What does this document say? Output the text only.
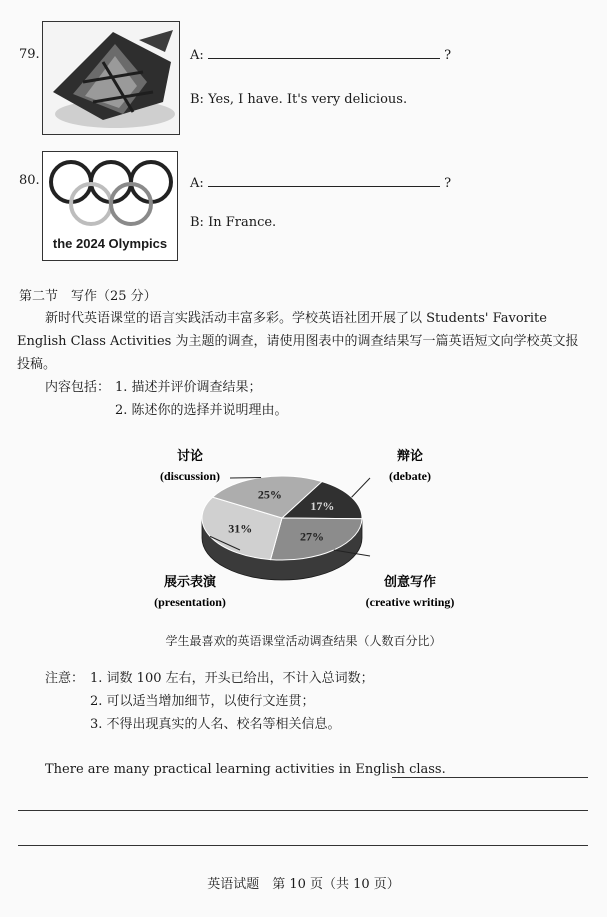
79.	A:	?
B: Yes, I have. It's very delicious.
80.
the 2024 Olympics
A:	?
B: In France.
第二节　写作（25 分）
新时代英语课堂的语言实践活动丰富多彩。学校英语社团开展了以 Students' Favorite
English Class Activities 为主题的调查，请使用图表中的调查结果写一篇英语短文向学校英文报
投稿。
内容包括： 1. 描述并评价调查结果；
2. 陈述你的选择并说明理由。
17%
27%
31%
25%
辩论
(debate)
创意写作
(creative writing)
展示表演
(presentation)
讨论
(discussion)
学生最喜欢的英语课堂活动调查结果（人数百分比）
注意： 1. 词数 100 左右，开头已给出，不计入总词数；
2. 可以适当增加细节，以使行文连贯；
3. 不得出现真实的人名、校名等相关信息。
There are many practical learning activities in English class.
英语试题　第 10 页（共 10 页）
